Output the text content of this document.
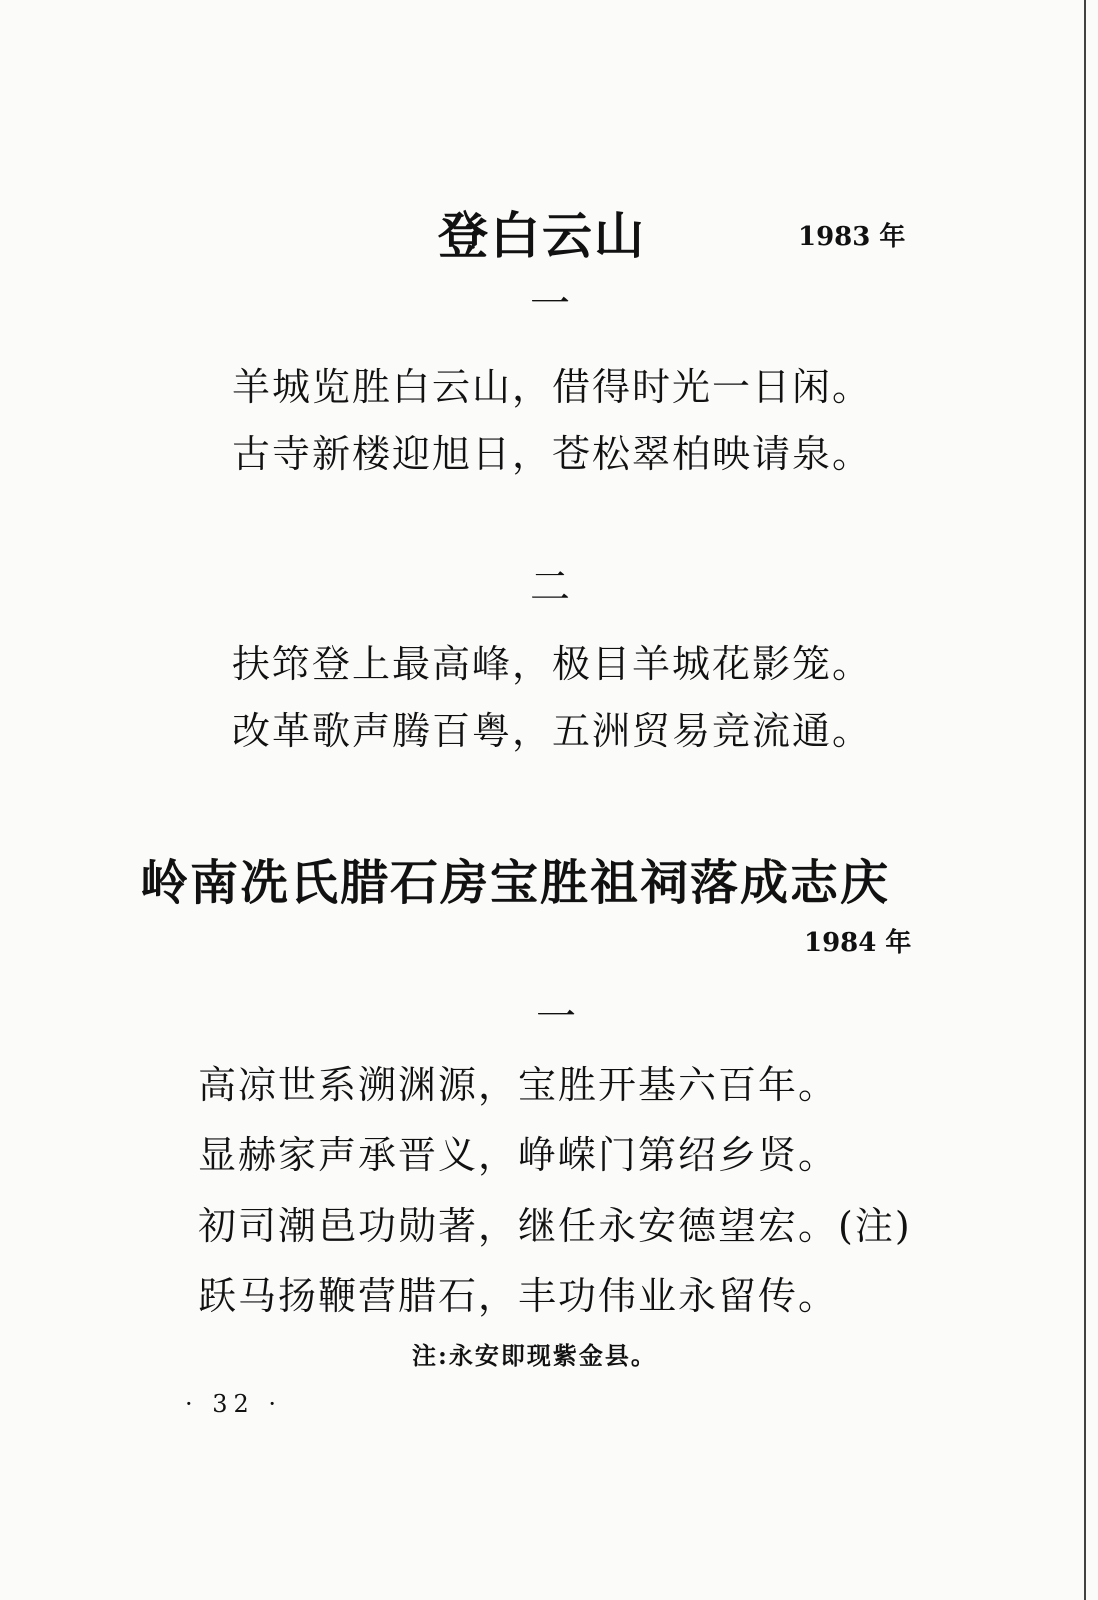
登白云山	1983 年
一
羊城览胜白云山，借得时光一日闲。
古寺新楼迎旭日，苍松翠柏映请泉。
二
扶筇登上最高峰，极目羊城花影笼。
改革歌声腾百粤，五洲贸易竞流通。
岭南冼氏腊石房宝胜祖祠落成志庆
1984 年
一
高凉世系溯渊源，宝胜开基六百年。
显赫家声承晋义，峥嵘门第绍乡贤。
初司潮邑功勋著，继任永安德望宏。(注)
跃马扬鞭营腊石，丰功伟业永留传。
注:永安即现紫金县。
· 32 ·
